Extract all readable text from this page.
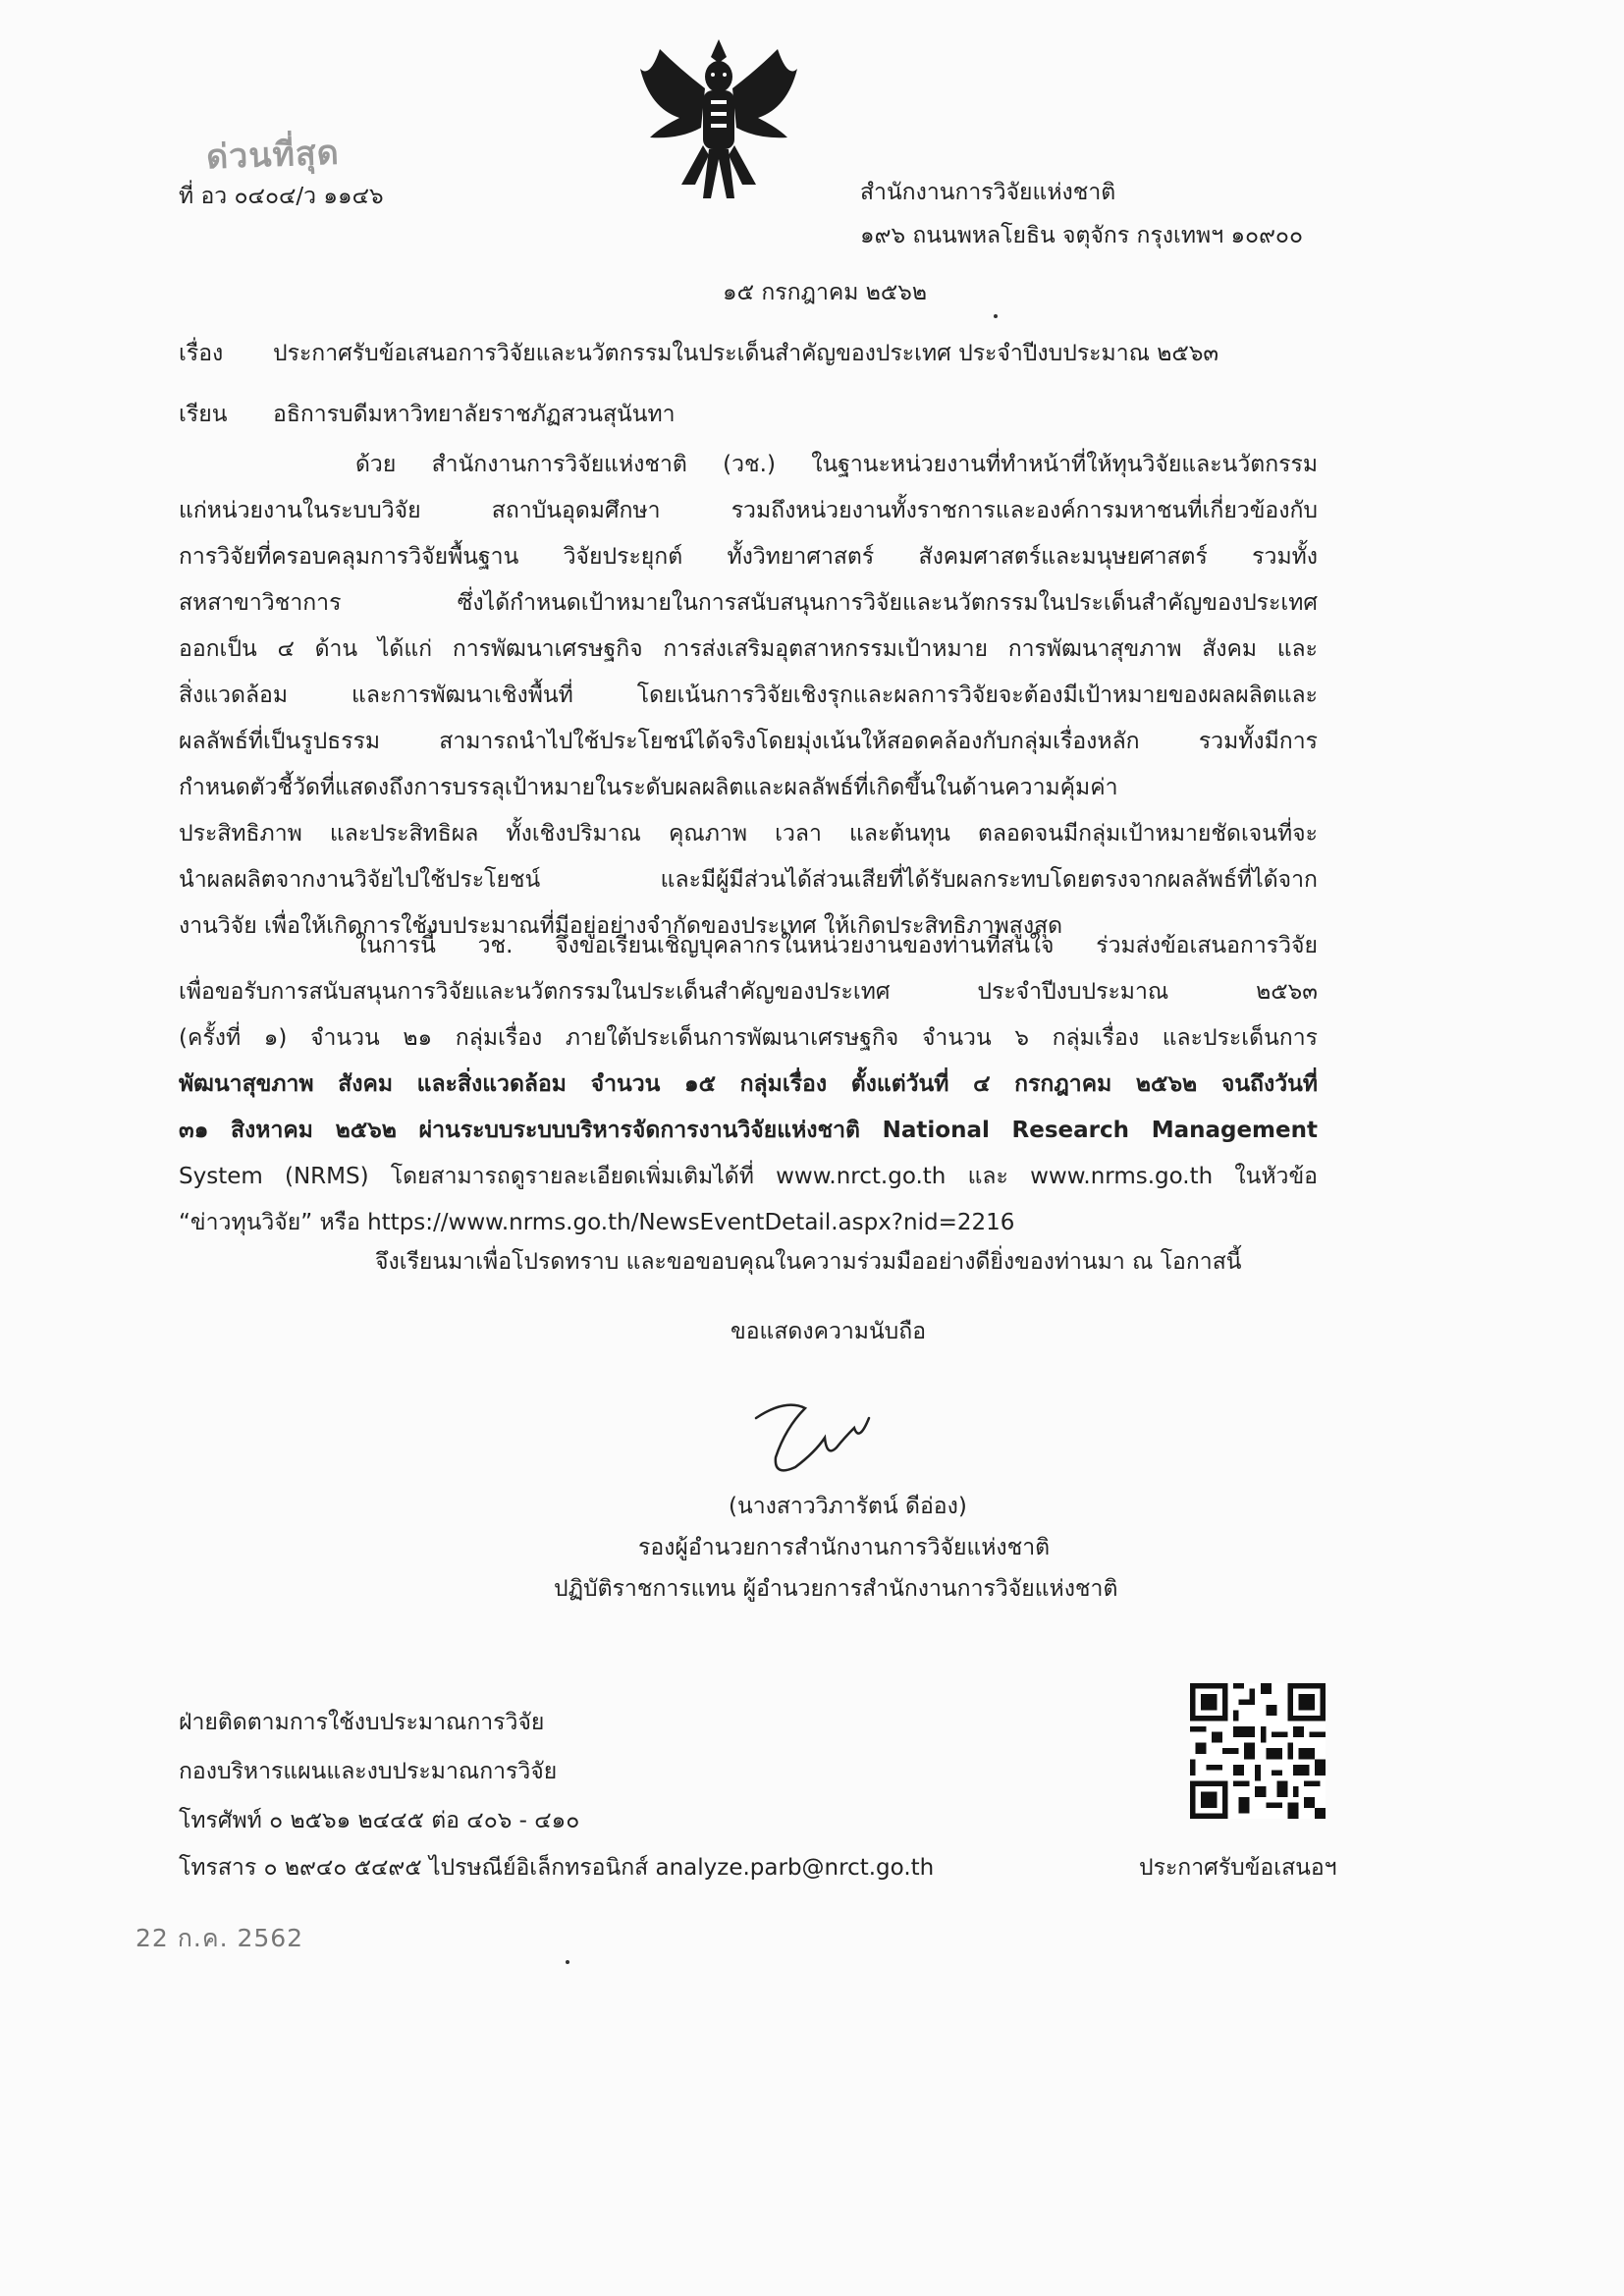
ด่วนที่สุด
ที่ อว ๐๔๐๔/ว ๑๑๔๖	สำนักงานการวิจัยแห่งชาติ
๑๙๖ ถนนพหลโยธิน จตุจักร กรุงเทพฯ ๑๐๙๐๐
๑๕ กรกฎาคม ๒๕๖๒
เรื่อง ประกาศรับข้อเสนอการวิจัยและนวัตกรรมในประเด็นสำคัญของประเทศ ประจำปีงบประมาณ ๒๕๖๓
เรียน อธิการบดีมหาวิทยาลัยราชภัฏสวนสุนันทา
ด้วย สำนักงานการวิจัยแห่งชาติ (วช.) ในฐานะหน่วยงานที่ทำหน้าที่ให้ทุนวิจัยและนวัตกรรม
แก่หน่วยงานในระบบวิจัย สถาบันอุดมศึกษา รวมถึงหน่วยงานทั้งราชการและองค์การมหาชนที่เกี่ยวข้องกับ
การวิจัยที่ครอบคลุมการวิจัยพื้นฐาน วิจัยประยุกต์ ทั้งวิทยาศาสตร์ สังคมศาสตร์และมนุษยศาสตร์ รวมทั้ง
สหสาขาวิชาการ ซึ่งได้กำหนดเป้าหมายในการสนับสนุนการวิจัยและนวัตกรรมในประเด็นสำคัญของประเทศ
ออกเป็น ๔ ด้าน ได้แก่ การพัฒนาเศรษฐกิจ การส่งเสริมอุตสาหกรรมเป้าหมาย การพัฒนาสุขภาพ สังคม และ
สิ่งแวดล้อม และการพัฒนาเชิงพื้นที่ โดยเน้นการวิจัยเชิงรุกและผลการวิจัยจะต้องมีเป้าหมายของผลผลิตและ
ผลลัพธ์ที่เป็นรูปธรรม สามารถนำไปใช้ประโยชน์ได้จริงโดยมุ่งเน้นให้สอดคล้องกับกลุ่มเรื่องหลัก รวมทั้งมีการ
กำหนดตัวชี้วัดที่แสดงถึงการบรรลุเป้าหมายในระดับผลผลิตและผลลัพธ์ที่เกิดขึ้นในด้านความคุ้มค่า
ประสิทธิภาพ และประสิทธิผล ทั้งเชิงปริมาณ คุณภาพ เวลา และต้นทุน ตลอดจนมีกลุ่มเป้าหมายชัดเจนที่จะ
นำผลผลิตจากงานวิจัยไปใช้ประโยชน์ และมีผู้มีส่วนได้ส่วนเสียที่ได้รับผลกระทบโดยตรงจากผลลัพธ์ที่ได้จาก
งานวิจัย เพื่อให้เกิดการใช้งบประมาณที่มีอยู่อย่างจำกัดของประเทศ ให้เกิดประสิทธิภาพสูงสุด
ในการนี้ วช. จึงขอเรียนเชิญบุคลากรในหน่วยงานของท่านที่สนใจ ร่วมส่งข้อเสนอการวิจัย
เพื่อขอรับการสนับสนุนการวิจัยและนวัตกรรมในประเด็นสำคัญของประเทศ ประจำปีงบประมาณ ๒๕๖๓
(ครั้งที่ ๑) จำนวน ๒๑ กลุ่มเรื่อง ภายใต้ประเด็นการพัฒนาเศรษฐกิจ จำนวน ๖ กลุ่มเรื่อง และประเด็นการ
พัฒนาสุขภาพ สังคม และสิ่งแวดล้อม จำนวน ๑๕ กลุ่มเรื่อง ตั้งแต่วันที่ ๔ กรกฎาคม ๒๕๖๒ จนถึงวันที่
๓๑ สิงหาคม ๒๕๖๒ ผ่านระบบระบบบริหารจัดการงานวิจัยแห่งชาติ National Research Management
System (NRMS) โดยสามารถดูรายละเอียดเพิ่มเติมได้ที่ www.nrct.go.th และ www.nrms.go.th ในหัวข้อ
“ข่าวทุนวิจัย” หรือ https://www.nrms.go.th/NewsEventDetail.aspx?nid=2216
จึงเรียนมาเพื่อโปรดทราบ และขอขอบคุณในความร่วมมืออย่างดียิ่งของท่านมา ณ โอกาสนี้
ขอแสดงความนับถือ
(นางสาววิภารัตน์ ดีอ่อง)
รองผู้อำนวยการสำนักงานการวิจัยแห่งชาติ
ปฏิบัติราชการแทน ผู้อำนวยการสำนักงานการวิจัยแห่งชาติ
ฝ่ายติดตามการใช้งบประมาณการวิจัย
กองบริหารแผนและงบประมาณการวิจัย
โทรศัพท์ ๐ ๒๕๖๑ ๒๔๔๕ ต่อ ๔๐๖ - ๔๑๐
โทรสาร ๐ ๒๙๔๐ ๕๔๙๕ ไปรษณีย์อิเล็กทรอนิกส์ analyze.parb@nrct.go.th	ประกาศรับข้อเสนอฯ
22 ก.ค. 2562
